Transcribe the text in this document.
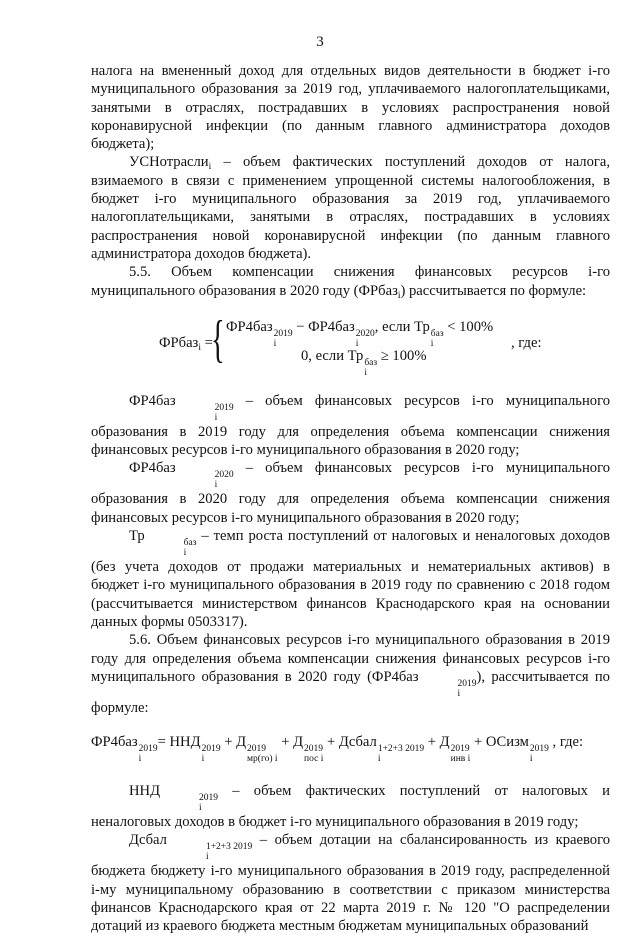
3

налога на вмененный доход для отдельных видов деятельности в бюджет i-го муниципального образования за 2019 год, уплачиваемого налогоплательщиками, занятыми в отраслях, пострадавших в условиях распространения новой коронавирусной инфекции (по данным главного администратора доходов бюджета);

УСНотрасли$_i$ – объем фактических поступлений доходов от налога, взимаемого в связи с применением упрощенной системы налогообложения, в бюджет i-го муниципального образования за 2019 год, уплачиваемого налогоплательщиками, занятыми в отраслях, пострадавших в условиях распространения новой коронавирусной инфекции (по данным главного администратора доходов бюджета).

5.5. Объем компенсации снижения финансовых ресурсов i-го муниципального образования в 2020 году (ФРбаз$_i$) рассчитывается по формуле:

ФРбаз$_i$ =
{ ФР4баз 2019
i
− ФР4баз 2020
i
, если Тр баз
i
< 100%
0, если Тр баз
i
≥ 100%
, где:

ФР4баз	2019
i
– объем финансовых ресурсов i-го муниципального образования в 2019 году для определения объема компенсации снижения финансовых ресурсов i-го муниципального образования в 2020 году;

ФР4баз	2020
i
– объем финансовых ресурсов i-го муниципального образования в 2020 году для определения объема компенсации снижения финансовых ресурсов i-го муниципального образования в 2020 году;

Тр	баз
i
– темп роста поступлений от налоговых и неналоговых доходов (без учета доходов от продажи материальных и нематериальных активов) в бюджет i-го муниципального образования в 2019 году по сравнению с 2018 годом (рассчитывается министерством финансов Краснодарского края на основании данных формы 0503317).

5.6. Объем финансовых ресурсов i-го муниципального образования в 2019 году для определения объема компенсации снижения финансовых ресурсов i-го муниципального образования в 2020 году (ФР4баз	2019
i
), рассчитывается по формуле:

ФР4баз 2019
i
= ННД 2019
i
+ Д 2019
мр(го) i
+ Д 2019
пос i
+ Дсбал 1+2+3 2019
i
+ Д 2019
инв i
+ ОСизм 2019
i
, где:

ННД	2019
i
– объем фактических поступлений от налоговых и неналоговых доходов в бюджет i-го муниципального образования в 2019 году;

Дсбал	1+2+3 2019
i
– объем дотации на сбалансированность из краевого бюджета бюджету i-го муниципального образования в 2019 году, распределенной i-му муниципальному образованию в соответствии с приказом министерства финансов Краснодарского края от 22 марта 2019 г. № 120 "О распределении дотаций из краевого бюджета местным бюджетам муниципальных образований
